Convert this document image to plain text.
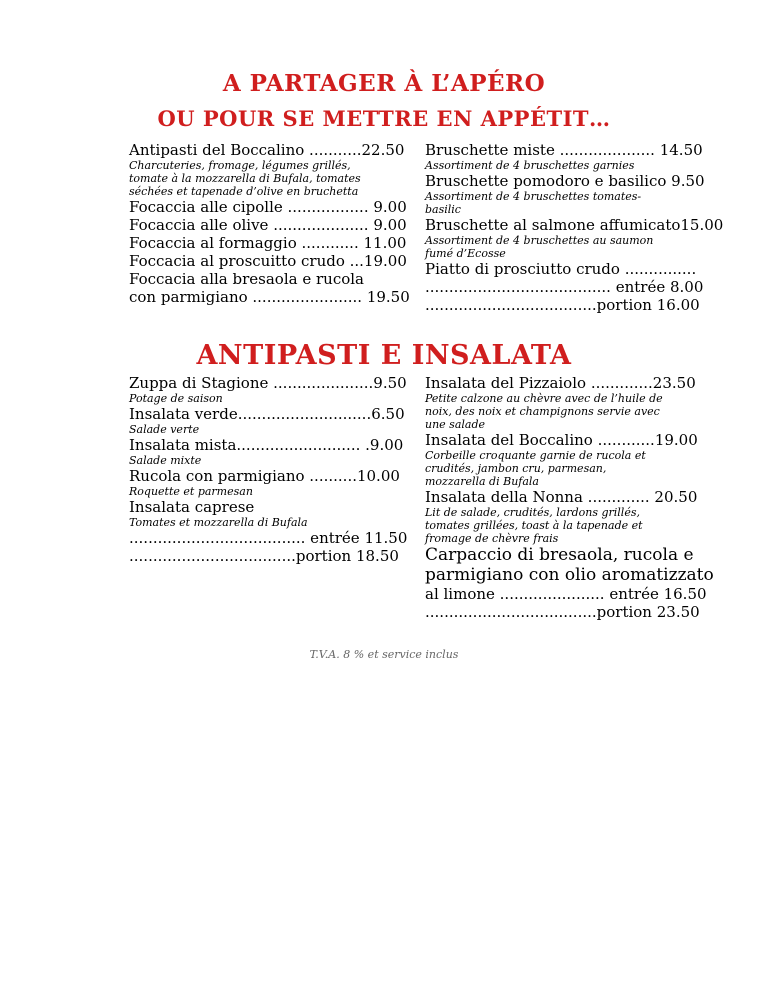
A PARTAGER À L’APÉRO
OU POUR SE METTRE EN APPÉTIT…
Antipasti del Boccalino ...........22.50
Charcuteries, fromage, légumes grillés,
tomate à la mozzarella di Bufala, tomates
séchées et tapenade d’olive en bruchetta
Focaccia alle cipolle ................. 9.00
Focaccia alle olive .................... 9.00
Focaccia al formaggio ............ 11.00
Foccacia al proscuitto crudo ...19.00
Foccacia alla bresaola e rucola
con parmigiano ....................... 19.50
Bruschette miste .................... 14.50
Assortiment de 4 bruschettes garnies
Bruschette pomodoro e basilico 9.50
Assortiment de 4 bruschettes tomates-
basilic
Bruschette al salmone affumicato15.00
Assortiment de 4 bruschettes au saumon
fumé d’Ecosse
Piatto di prosciutto crudo ...............
....................................... entrée 8.00
....................................portion 16.00
ANTIPASTI E INSALATA
Zuppa di Stagione .....................9.50
Potage de saison
Insalata verde............................6.50
Salade verte
Insalata mista.......................... .9.00
Salade mixte
Rucola con parmigiano ..........10.00
Roquette et parmesan
Insalata caprese
Tomates et mozzarella di Bufala
..................................... entrée 11.50
...................................portion 18.50
Insalata del Pizzaiolo .............23.50
Petite calzone au chèvre avec de l’huile de
noix, des noix et champignons servie avec
une salade
Insalata del Boccalino ............19.00
Corbeille croquante garnie de rucola et
crudités, jambon cru, parmesan,
mozzarella di Bufala
Insalata della Nonna ............. 20.50
Lit de salade, crudités, lardons grillés,
tomates grillées, toast à la tapenade et
fromage de chèvre frais
Carpaccio di bresaola, rucola e
parmigiano con olio aromatizzato
al limone ...................... entrée 16.50
....................................portion 23.50
T.V.A. 8 % et service inclus
